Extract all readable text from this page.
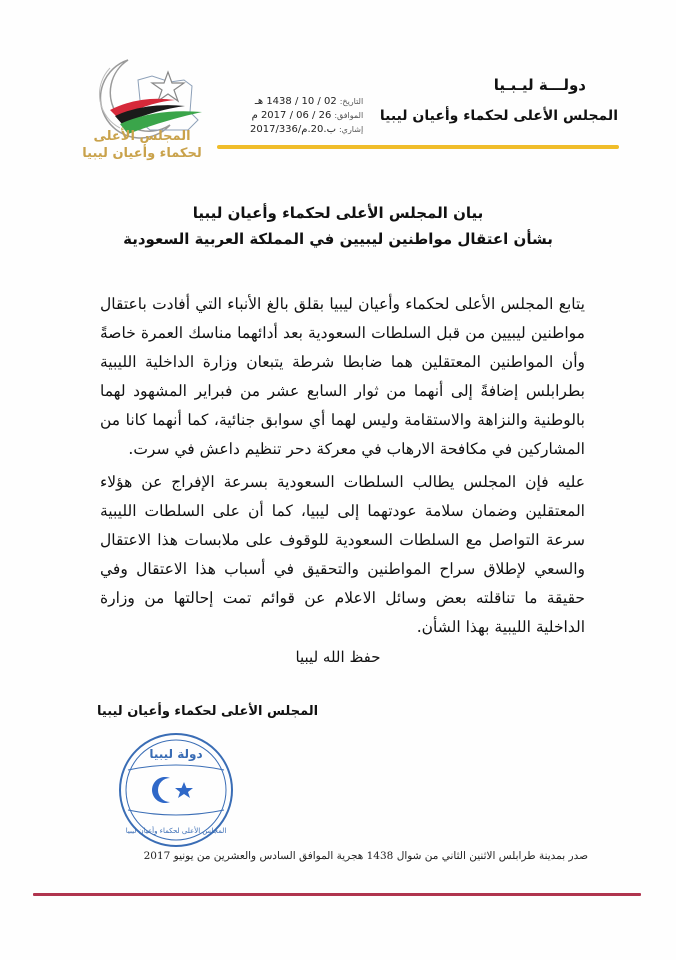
المجلس الأعلى
لحكماء وأعيان ليبيا
التاريخ:
02 / 10 / 1438 هـ
الموافق:
26 / 06 / 2017 م
إشاري:
ب.20.م/2017/336
دولـــة ليـبـيا
المجلس الأعلى لحكماء وأعيان ليبيا
بيان المجلس الأعلى لحكماء وأعيان ليبيا
بشأن اعتقال مواطنين ليبيين في المملكة العربية السعودية

يتابع المجلس الأعلى لحكماء وأعيان ليبيا بقلق بالغ الأنباء التي أفادت باعتقال مواطنين ليبيين من قبل السلطات السعودية بعد أدائهما مناسك العمرة خاصةً وأن المواطنين المعتقلين هما ضابطا شرطة يتبعان وزارة الداخلية الليبية بطرابلس إضافةً إلى أنهما من ثوار السابع عشر من فبراير المشهود لهما بالوطنية والنزاهة والاستقامة وليس لهما أي سوابق جنائية، كما أنهما كانا من المشاركين في مكافحة الارهاب في معركة دحر تنظيم داعش في سرت.

عليه فإن المجلس يطالب السلطات السعودية بسرعة الإفراج عن هؤلاء المعتقلين وضمان سلامة عودتهما إلى ليبيا، كما أن على السلطات الليبية سرعة التواصل مع السلطات السعودية للوقوف على ملابسات هذا الاعتقال والسعي لإطلاق سراح المواطنين والتحقيق في أسباب هذا الاعتقال وفي حقيقة ما تناقلته بعض وسائل الاعلام عن قوائم تمت إحالتها من وزارة الداخلية الليبية بهذا الشأن.

حفظ الله ليبيا
المجلس الأعلى لحكماء وأعيان ليبيا
دولة ليبيا
المجلس الأعلى لحكماء وأعيان ليبيا
صدر بمدينة طرابلس الاثنين الثاني من شوال 1438 هجرية الموافق السادس والعشرين من يونيو 2017
